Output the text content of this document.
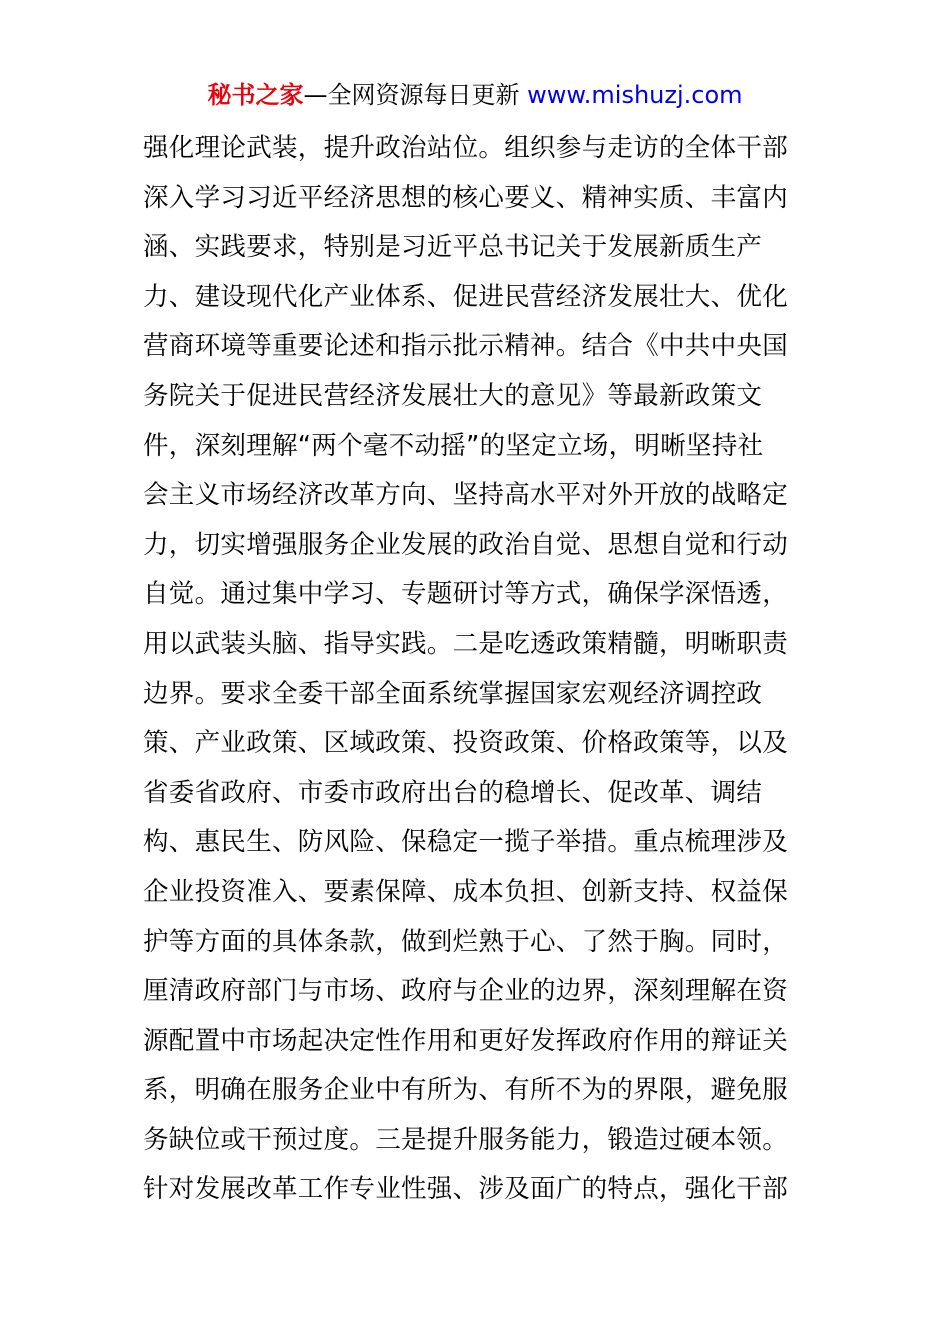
秘书之家—全网资源每日更新 www.mishuzj.com
强化理论武装，提升政治站位。组织参与走访的全体干部
深入学习习近平经济思想的核心要义、精神实质、丰富内
涵、实践要求，特别是习近平总书记关于发展新质生产
力、建设现代化产业体系、促进民营经济发展壮大、优化
营商环境等重要论述和指示批示精神。结合《中共中央国
务院关于促进民营经济发展壮大的意见》等最新政策文
件，深刻理解“两个毫不动摇”的坚定立场，明晰坚持社
会主义市场经济改革方向、坚持高水平对外开放的战略定
力，切实增强服务企业发展的政治自觉、思想自觉和行动
自觉。通过集中学习、专题研讨等方式，确保学深悟透，
用以武装头脑、指导实践。二是吃透政策精髓，明晰职责
边界。要求全委干部全面系统掌握国家宏观经济调控政
策、产业政策、区域政策、投资政策、价格政策等，以及
省委省政府、市委市政府出台的稳增长、促改革、调结
构、惠民生、防风险、保稳定一揽子举措。重点梳理涉及
企业投资准入、要素保障、成本负担、创新支持、权益保
护等方面的具体条款，做到烂熟于心、了然于胸。同时，
厘清政府部门与市场、政府与企业的边界，深刻理解在资
源配置中市场起决定性作用和更好发挥政府作用的辩证关
系，明确在服务企业中有所为、有所不为的界限，避免服
务缺位或干预过度。三是提升服务能力，锻造过硬本领。
针对发展改革工作专业性强、涉及面广的特点，强化干部
